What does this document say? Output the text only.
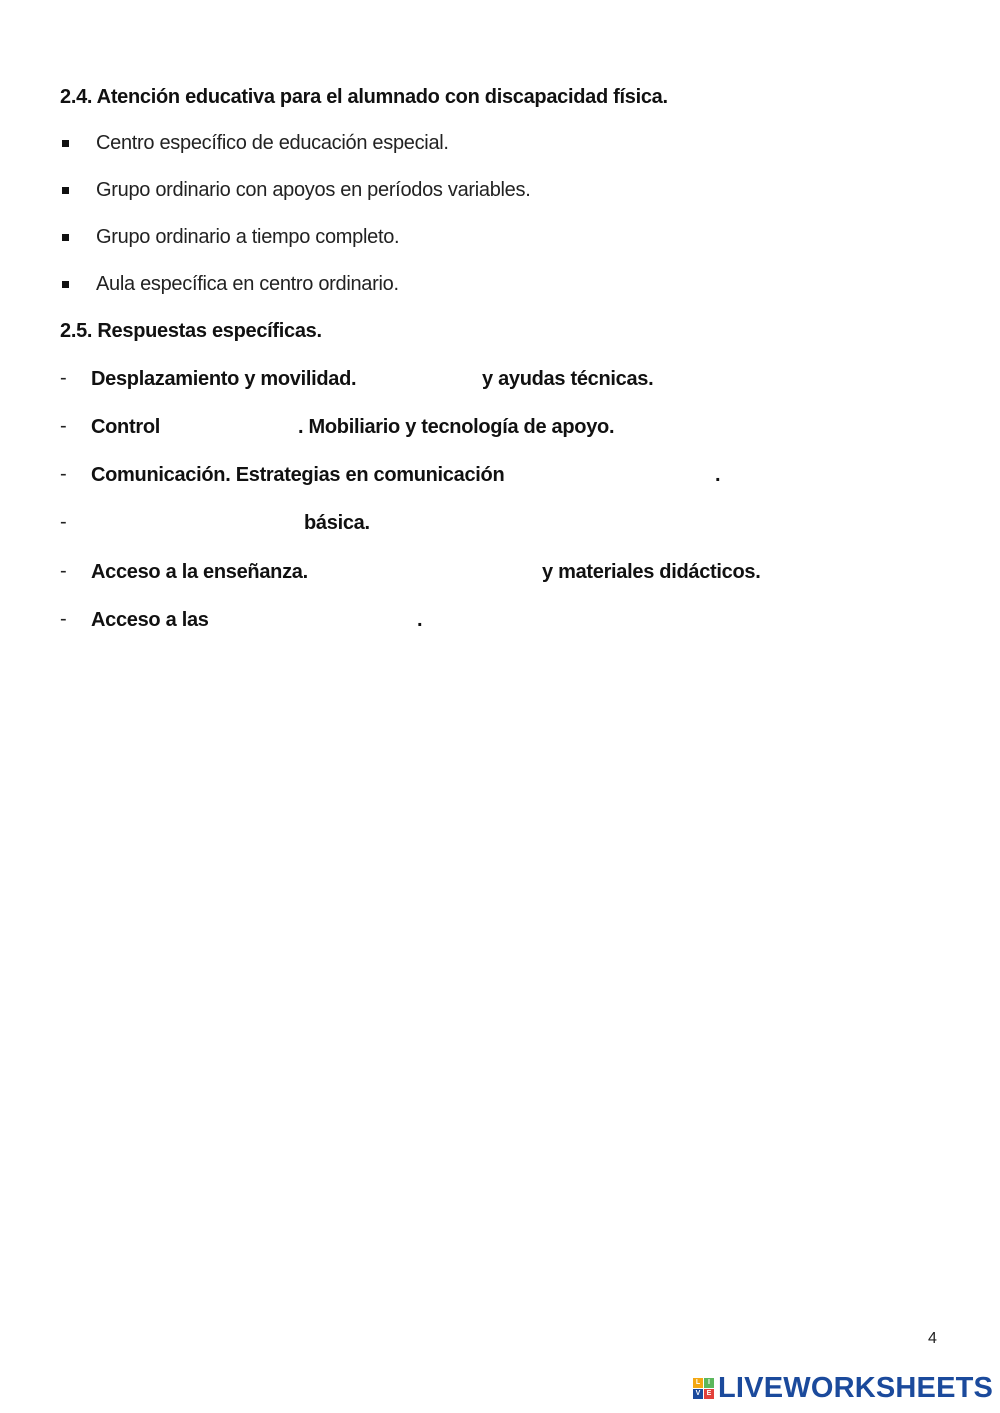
2.4. Atención educativa para el alumnado con discapacidad física.
Centro específico de educación especial.
Grupo ordinario con apoyos en períodos variables.
Grupo ordinario a tiempo completo.
Aula específica en centro ordinario.
2.5. Respuestas específicas.
- Desplazamiento y movilidad.	y ayudas técnicas.
- Control	. Mobiliario y tecnología de apoyo.
- Comunicación. Estrategias en comunicación	.
-	básica.
- Acceso a la enseñanza.	y materiales didácticos.
- Acceso a las	.
4
L	I
V E LIVEWORKSHEETS
